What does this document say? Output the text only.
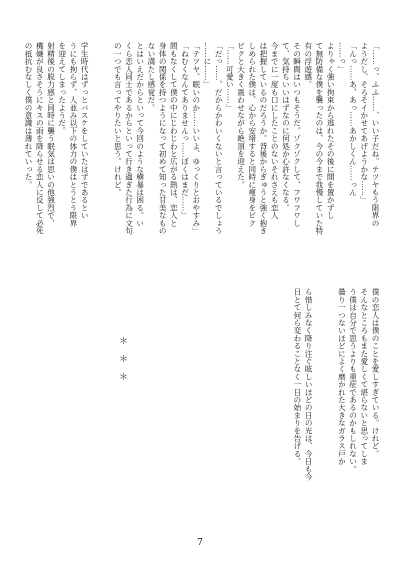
「……っ、ふふ……、いい子だね。テツヤもう限界の

ようだし、そろそイかせてあげようかな……」

「んっ……あ、あっ……あかしくん……っん

……っ」

よりゃく強い拘束から逃れたその後に開を置かずし

て無防備な僕を襲ったのは、今の今まで我慢していた特

有の浮遊感。

その瞬間はいつもそうだ。ゾクゾクして、フワフワし

て、気持ちいいはずなのに何処か心許なくなる。

今までに一度も口にしたことのないそれさえも恋人

は把握しているのだろうか。背後からぎゅうと強く抱き

しめられた僕は、心から安堵すると同時に痩身をビク

ビクと大きく震わせながら絶頂を迎えた。

「……可愛い……」

「だっ……、だからかわいくないと言っているでしょう

……に……」

「テツヤ、眠いのか……いいよ、ゆっくりとおやすみ」

「ねむくなんてありませんっ……ぼくはまだ……」

間もなくして僕の中にじわじわと広がる熱は、恋人と

身体の関係を持つようになって初めて知った甘美なもの

ない満たし感覚だ。

とはいえだからといって今回のような横暴は困る。い

くら恋人同士であるからといって行き過ぎた行為に文句

の一つでも言ってやりたいと思う。けれど。

学生時代はずっとバスケをしていたはずであるとい

うにも拘らず、人並み以下の体力の僕はとうとう限界

を迎えてしまったようだ。

射精後の脱力感と同時に襲う眠気は思いの他強烈で、

機嫌が良さそうにキスの雨を降らせる恋人に反して必死

の抵抗むなしく僕の意識は薄れていった。

僕の恋人は僕のことを愛しすぎている。けれど。

そんなところもまた愛しくて堪らないと思ってしま

う僕は自分で思うよりも重症であるのかもしれない。

曇り一つないほどによく磨かれた大きなガラス戸か

ら惜しみなく降り注ぐ眩しいほどの日の光は、今日も今

日とて何ら変わることなく一日の始まりを告げる。

＊＊＊
7
